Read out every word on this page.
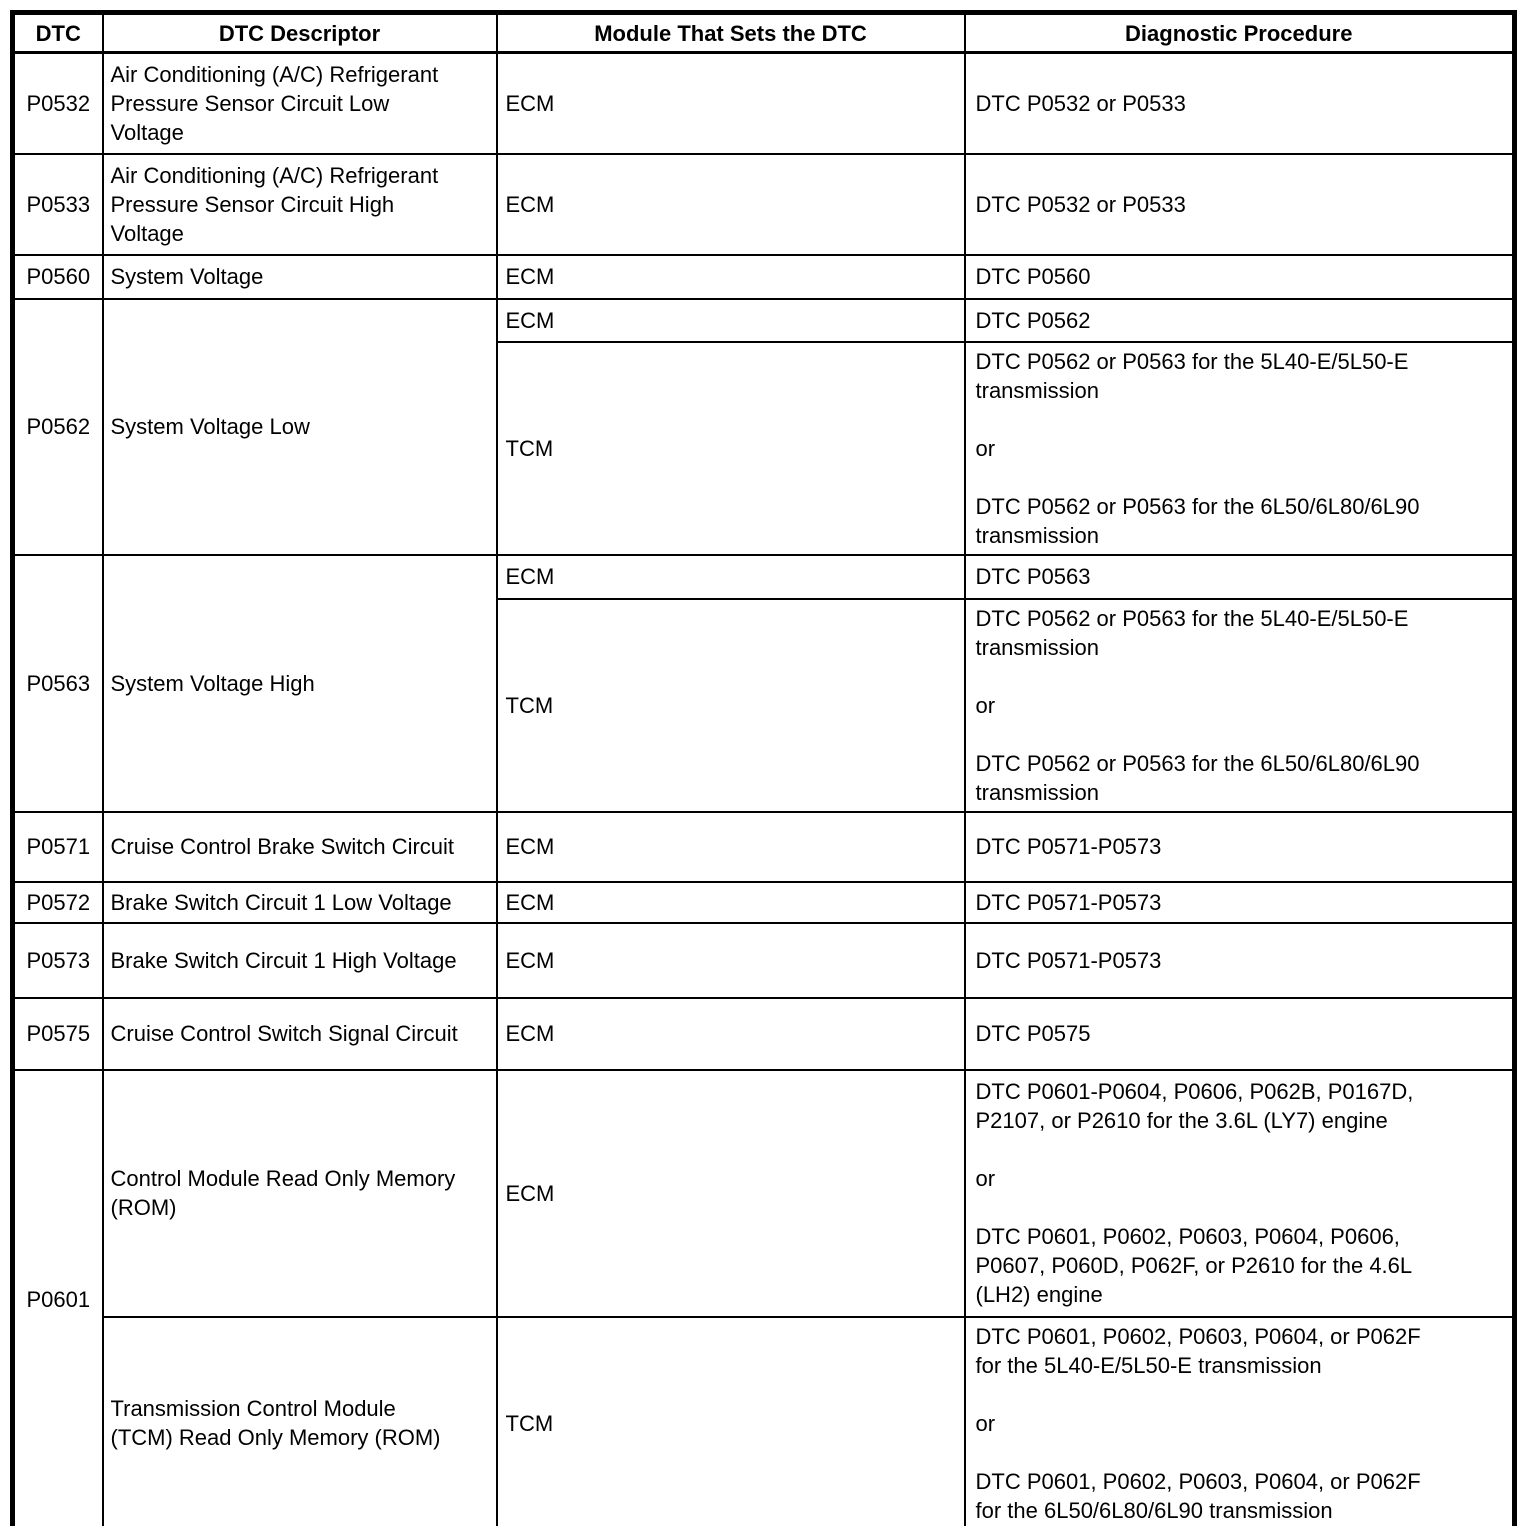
DTC	DTC Descriptor	Module That Sets the DTC	Diagnostic Procedure
P0532	Air Conditioning (A/C) Refrigerant Pressure Sensor Circuit Low Voltage	ECM	DTC P0532 or P0533

P0533	Air Conditioning (A/C) Refrigerant Pressure Sensor Circuit High Voltage	ECM	DTC P0532 or P0533

P0560	System Voltage	ECM	DTC P0560

P0562	System Voltage Low	ECM	DTC P0562

		TCM	DTC P0562 or P0563 for the 5L40-E/5L50-E transmission

or

DTC P0562 or P0563 for the 6L50/6L80/6L90 transmission

P0563	System Voltage High	ECM	DTC P0563

		TCM	DTC P0562 or P0563 for the 5L40-E/5L50-E transmission

or

DTC P0562 or P0563 for the 6L50/6L80/6L90 transmission

P0571	Cruise Control Brake Switch Circuit	ECM	DTC P0571-P0573

P0572	Brake Switch Circuit 1 Low Voltage	ECM	DTC P0571-P0573

P0573	Brake Switch Circuit 1 High Voltage	ECM	DTC P0571-P0573

P0575	Cruise Control Switch Signal Circuit	ECM	DTC P0575

P0601	Control Module Read Only Memory (ROM)	ECM	DTC P0601-P0604, P0606, P062B, P0167D, P2107, or P2610 for the 3.6L (LY7) engine

or

DTC P0601, P0602, P0603, P0604, P0606, P0607, P060D, P062F, or P2610 for the 4.6L (LH2) engine

	Transmission Control Module (TCM) Read Only Memory (ROM)	TCM	DTC P0601, P0602, P0603, P0604, or P062F for the 5L40-E/5L50-E transmission

or

DTC P0601, P0602, P0603, P0604, or P062F for the 6L50/6L80/6L90 transmission
